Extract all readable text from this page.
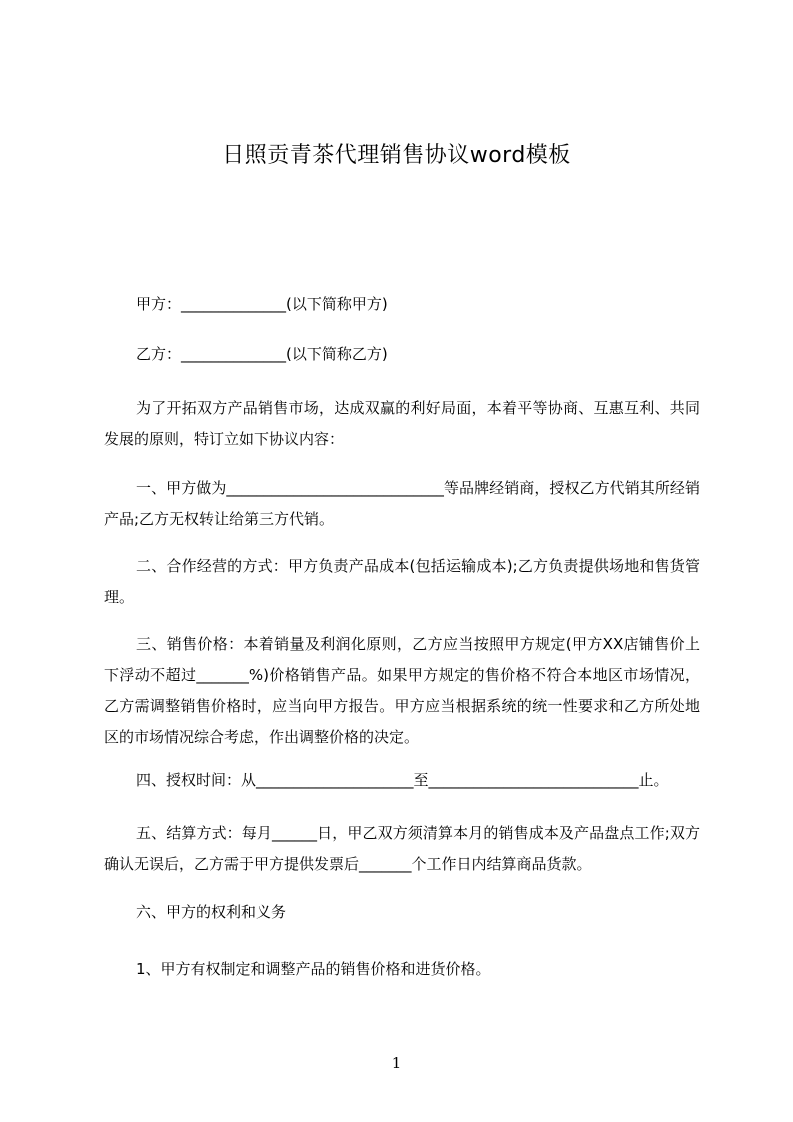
日照贡青茶代理销售协议word模板
甲方：______________(以下简称甲方)
乙方：______________(以下简称乙方)
为了开拓双方产品销售市场，达成双赢的利好局面，本着平等协商、互惠互利、共同发展的原则，特订立如下协议内容：
一、甲方做为_____________________________等品牌经销商，授权乙方代销其所经销产品;乙方无权转让给第三方代销。
二、合作经营的方式：甲方负责产品成本(包括运输成本);乙方负责提供场地和售货管理。
三、销售价格：本着销量及利润化原则，乙方应当按照甲方规定(甲方XX店铺售价上下浮动不超过_______%)价格销售产品。如果甲方规定的售价格不符合本地区市场情况，乙方需调整销售价格时，应当向甲方报告。甲方应当根据系统的统一性要求和乙方所处地区的市场情况综合考虑，作出调整价格的决定。
四、授权时间：从_____________________至____________________________止。
五、结算方式：每月______日，甲乙双方须清算本月的销售成本及产品盘点工作;双方确认无误后，乙方需于甲方提供发票后_______个工作日内结算商品货款。
六、甲方的权利和义务
1、甲方有权制定和调整产品的销售价格和进货价格。
1
